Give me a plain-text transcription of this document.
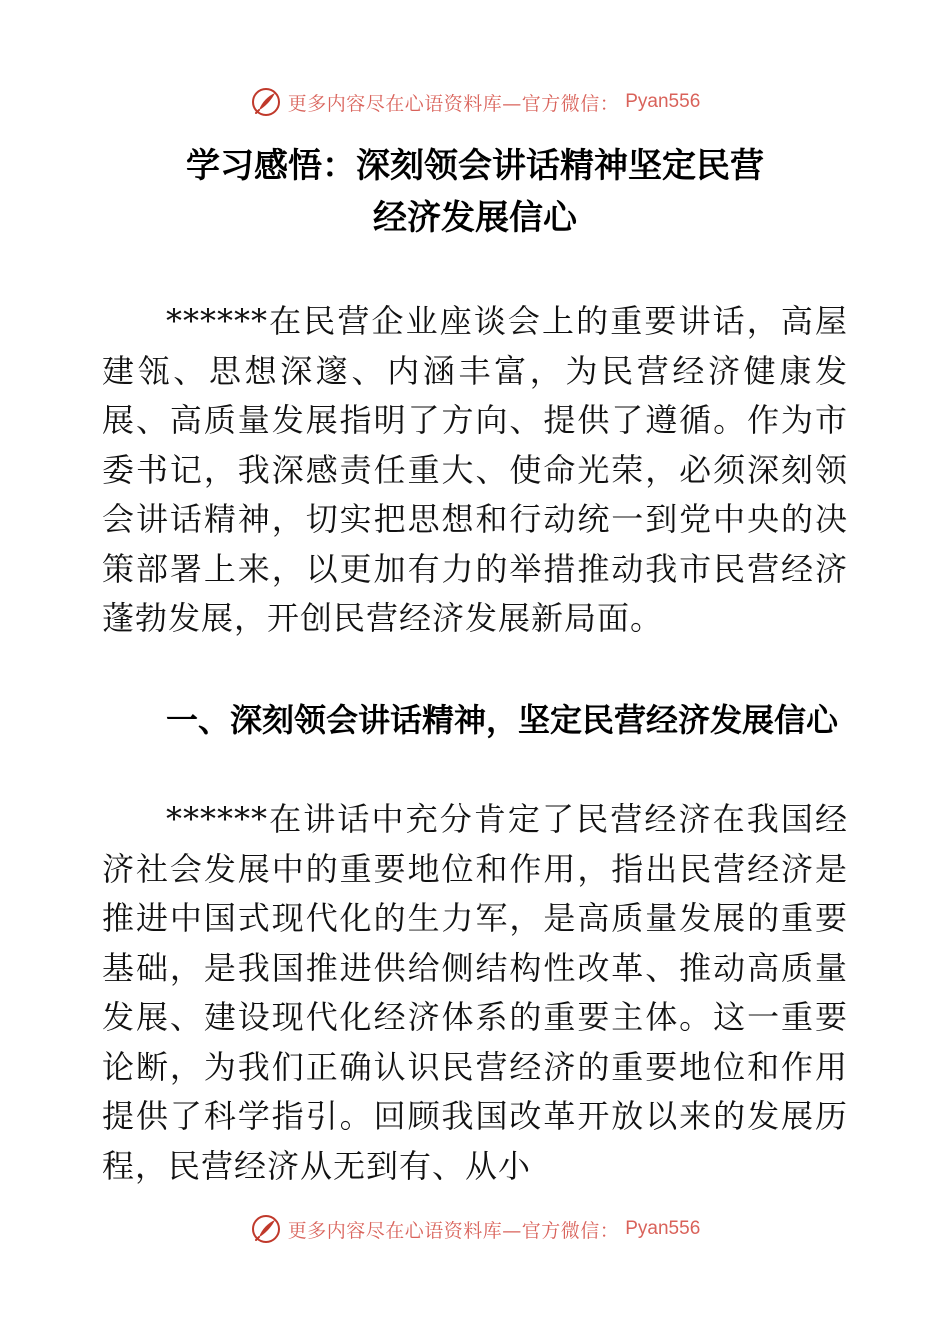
更多内容尽在心语资料库—官方微信： Pyan556
学习感悟：深刻领会讲话精神坚定民营
经济发展信心

******在民营企业座谈会上的重要讲话，高屋建瓴、思想深邃、内涵丰富，为民营经济健康发展、高质量发展指明了方向、提供了遵循。作为市委书记，我深感责任重大、使命光荣，必须深刻领会讲话精神，切实把思想和行动统一到党中央的决策部署上来，以更加有力的举措推动我市民营经济蓬勃发展，开创民营经济发展新局面。

一、深刻领会讲话精神，坚定民营经济发展信心

******在讲话中充分肯定了民营经济在我国经济社会发展中的重要地位和作用，指出民营经济是推进中国式现代化的生力军，是高质量发展的重要基础，是我国推进供给侧结构性改革、推动高质量发展、建设现代化经济体系的重要主体。这一重要论断，为我们正确认识民营经济的重要地位和作用提供了科学指引。回顾我国改革开放以来的发展历程，民营经济从无到有、从小

更多内容尽在心语资料库—官方微信： Pyan556
